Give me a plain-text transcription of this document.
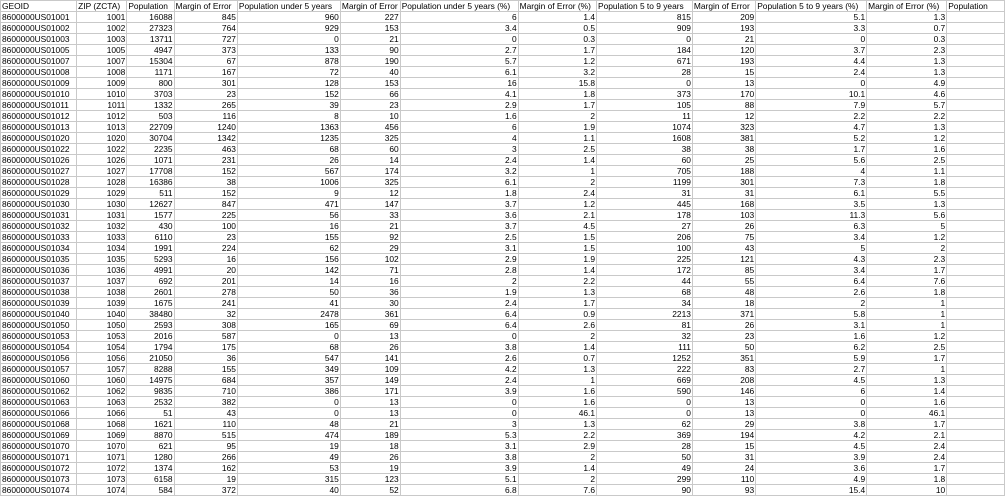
GEOID	ZIP (ZCTA)	Population	Margin of Error	Population under 5 years	Margin of Error	Population under 5 years (%)	Margin of Error (%)	Population 5 to 9 years	Margin of Error	Population 5 to 9 years (%)	Margin of Error (%)	Population
8600000US01001	1001	16088	845	960	227	6	1.4	815	209	5.1	1.3	
8600000US01002	1002	27323	764	929	153	3.4	0.5	909	193	3.3	0.7	
8600000US01003	1003	13711	727	0	21	0	0.3	0	21	0	0.3	
8600000US01005	1005	4947	373	133	90	2.7	1.7	184	120	3.7	2.3	
8600000US01007	1007	15304	67	878	190	5.7	1.2	671	193	4.4	1.3	
8600000US01008	1008	1171	167	72	40	6.1	3.2	28	15	2.4	1.3	
8600000US01009	1009	800	301	128	153	16	15.8	0	13	0	4.9	
8600000US01010	1010	3703	23	152	66	4.1	1.8	373	170	10.1	4.6	
8600000US01011	1011	1332	265	39	23	2.9	1.7	105	88	7.9	5.7	
8600000US01012	1012	503	116	8	10	1.6	2	11	12	2.2	2.2	
8600000US01013	1013	22709	1240	1363	456	6	1.9	1074	323	4.7	1.3	
8600000US01020	1020	30704	1342	1235	325	4	1.1	1608	381	5.2	1.2	
8600000US01022	1022	2235	463	68	60	3	2.5	38	38	1.7	1.6	
8600000US01026	1026	1071	231	26	14	2.4	1.4	60	25	5.6	2.5	
8600000US01027	1027	17708	152	567	174	3.2	1	705	188	4	1.1	
8600000US01028	1028	16386	38	1006	325	6.1	2	1199	301	7.3	1.8	
8600000US01029	1029	511	152	9	12	1.8	2.4	31	31	6.1	5.5	
8600000US01030	1030	12627	847	471	147	3.7	1.2	445	168	3.5	1.3	
8600000US01031	1031	1577	225	56	33	3.6	2.1	178	103	11.3	5.6	
8600000US01032	1032	430	100	16	21	3.7	4.5	27	26	6.3	5	
8600000US01033	1033	6110	23	155	92	2.5	1.5	206	75	3.4	1.2	
8600000US01034	1034	1991	224	62	29	3.1	1.5	100	43	5	2	
8600000US01035	1035	5293	16	156	102	2.9	1.9	225	121	4.3	2.3	
8600000US01036	1036	4991	20	142	71	2.8	1.4	172	85	3.4	1.7	
8600000US01037	1037	692	201	14	16	2	2.2	44	55	6.4	7.6	
8600000US01038	1038	2601	278	50	36	1.9	1.3	68	48	2.6	1.8	
8600000US01039	1039	1675	241	41	30	2.4	1.7	34	18	2	1	
8600000US01040	1040	38480	32	2478	361	6.4	0.9	2213	371	5.8	1	
8600000US01050	1050	2593	308	165	69	6.4	2.6	81	26	3.1	1	
8600000US01053	1053	2016	587	0	13	0	2	32	23	1.6	1.2	
8600000US01054	1054	1794	175	68	26	3.8	1.4	111	50	6.2	2.5	
8600000US01056	1056	21050	36	547	141	2.6	0.7	1252	351	5.9	1.7	
8600000US01057	1057	8288	155	349	109	4.2	1.3	222	83	2.7	1	
8600000US01060	1060	14975	684	357	149	2.4	1	669	208	4.5	1.3	
8600000US01062	1062	9835	710	386	171	3.9	1.6	590	146	6	1.4	
8600000US01063	1063	2532	382	0	13	0	1.6	0	13	0	1.6	
8600000US01066	1066	51	43	0	13	0	46.1	0	13	0	46.1	
8600000US01068	1068	1621	110	48	21	3	1.3	62	29	3.8	1.7	
8600000US01069	1069	8870	515	474	189	5.3	2.2	369	194	4.2	2.1	
8600000US01070	1070	621	95	19	18	3.1	2.9	28	15	4.5	2.4	
8600000US01071	1071	1280	266	49	26	3.8	2	50	31	3.9	2.4	
8600000US01072	1072	1374	162	53	19	3.9	1.4	49	24	3.6	1.7	
8600000US01073	1073	6158	19	315	123	5.1	2	299	110	4.9	1.8	
8600000US01074	1074	584	372	40	52	6.8	7.6	90	93	15.4	10	
